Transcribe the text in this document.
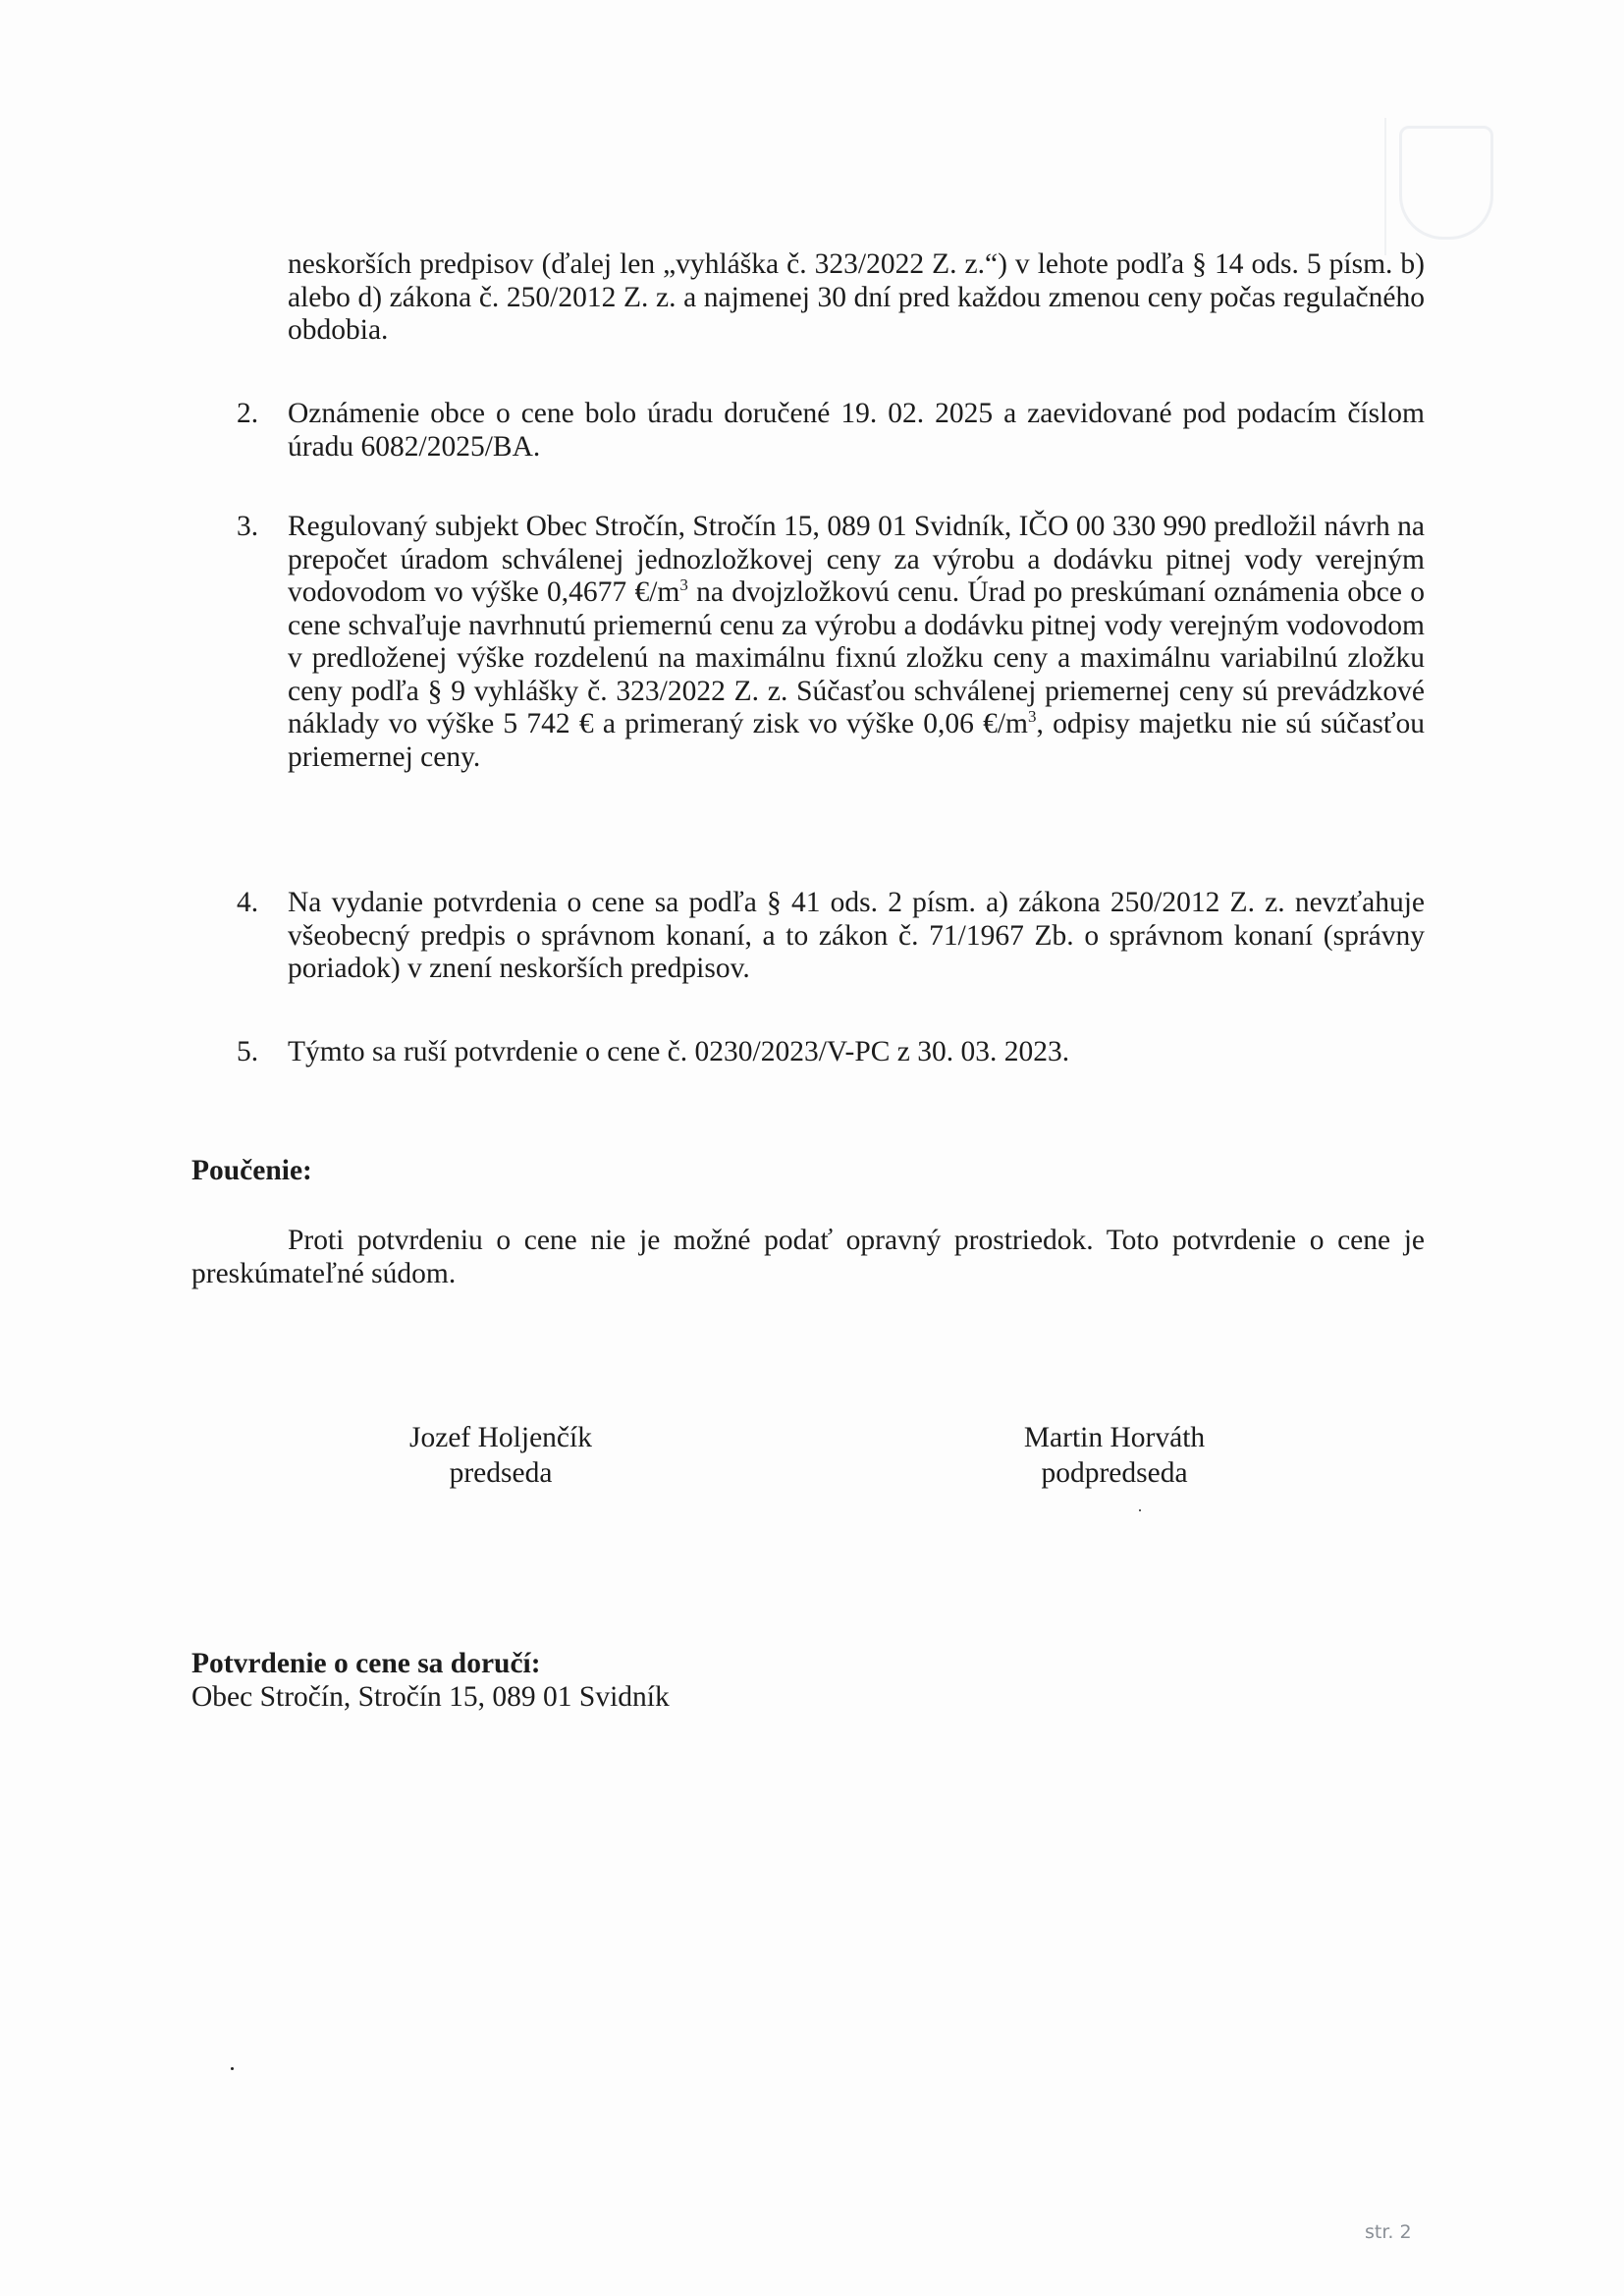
neskorších predpisov (ďalej len „vyhláška č. 323/2022 Z. z.“) v lehote podľa § 14 ods. 5 písm. b) alebo d) zákona č. 250/2012 Z. z. a najmenej 30 dní pred každou zmenou ceny počas regulačného obdobia.
2. Oznámenie obce o cene bolo úradu doručené 19. 02. 2025 a zaevidované pod podacím číslom úradu 6082/2025/BA.
3. Regulovaný subjekt Obec Stročín, Stročín 15, 089 01 Svidník, IČO 00 330 990 predložil návrh na prepočet úradom schválenej jednozložkovej ceny za výrobu a dodávku pitnej vody verejným vodovodom vo výške 0,4677 $€/m^3$ na dvojzložkovú cenu. Úrad po preskúmaní oznámenia obce o cene schvaľuje navrhnutú priemernú cenu za výrobu a dodávku pitnej vody verejným vodovodom v predloženej výške rozdelenú na maximálnu fixnú zložku ceny a maximálnu variabilnú zložku ceny podľa § 9 vyhlášky č. 323/2022 Z. z. Súčasťou schválenej priemernej ceny sú prevádzkové náklady vo výške 5 742 € a primeraný zisk vo výške 0,06 $€/m^3$, odpisy majetku nie sú súčasťou priemernej ceny.
4. Na vydanie potvrdenia o cene sa podľa § 41 ods. 2 písm. a) zákona 250/2012 Z. z. nevzťahuje všeobecný predpis o správnom konaní, a to zákon č. 71/1967 Zb. o správnom konaní (správny poriadok) v znení neskorších predpisov.
5. Týmto sa ruší potvrdenie o cene č. 0230/2023/V-PC z 30. 03. 2023.
Poučenie:
Proti potvrdeniu o cene nie je možné podať opravný prostriedok. Toto potvrdenie o cene je preskúmateľné súdom.
Jozef Holjenčík
predseda
Martin Horváth
podpredseda
Potvrdenie o cene sa doručí:
Obec Stročín, Stročín 15, 089 01 Svidník
str. 2
